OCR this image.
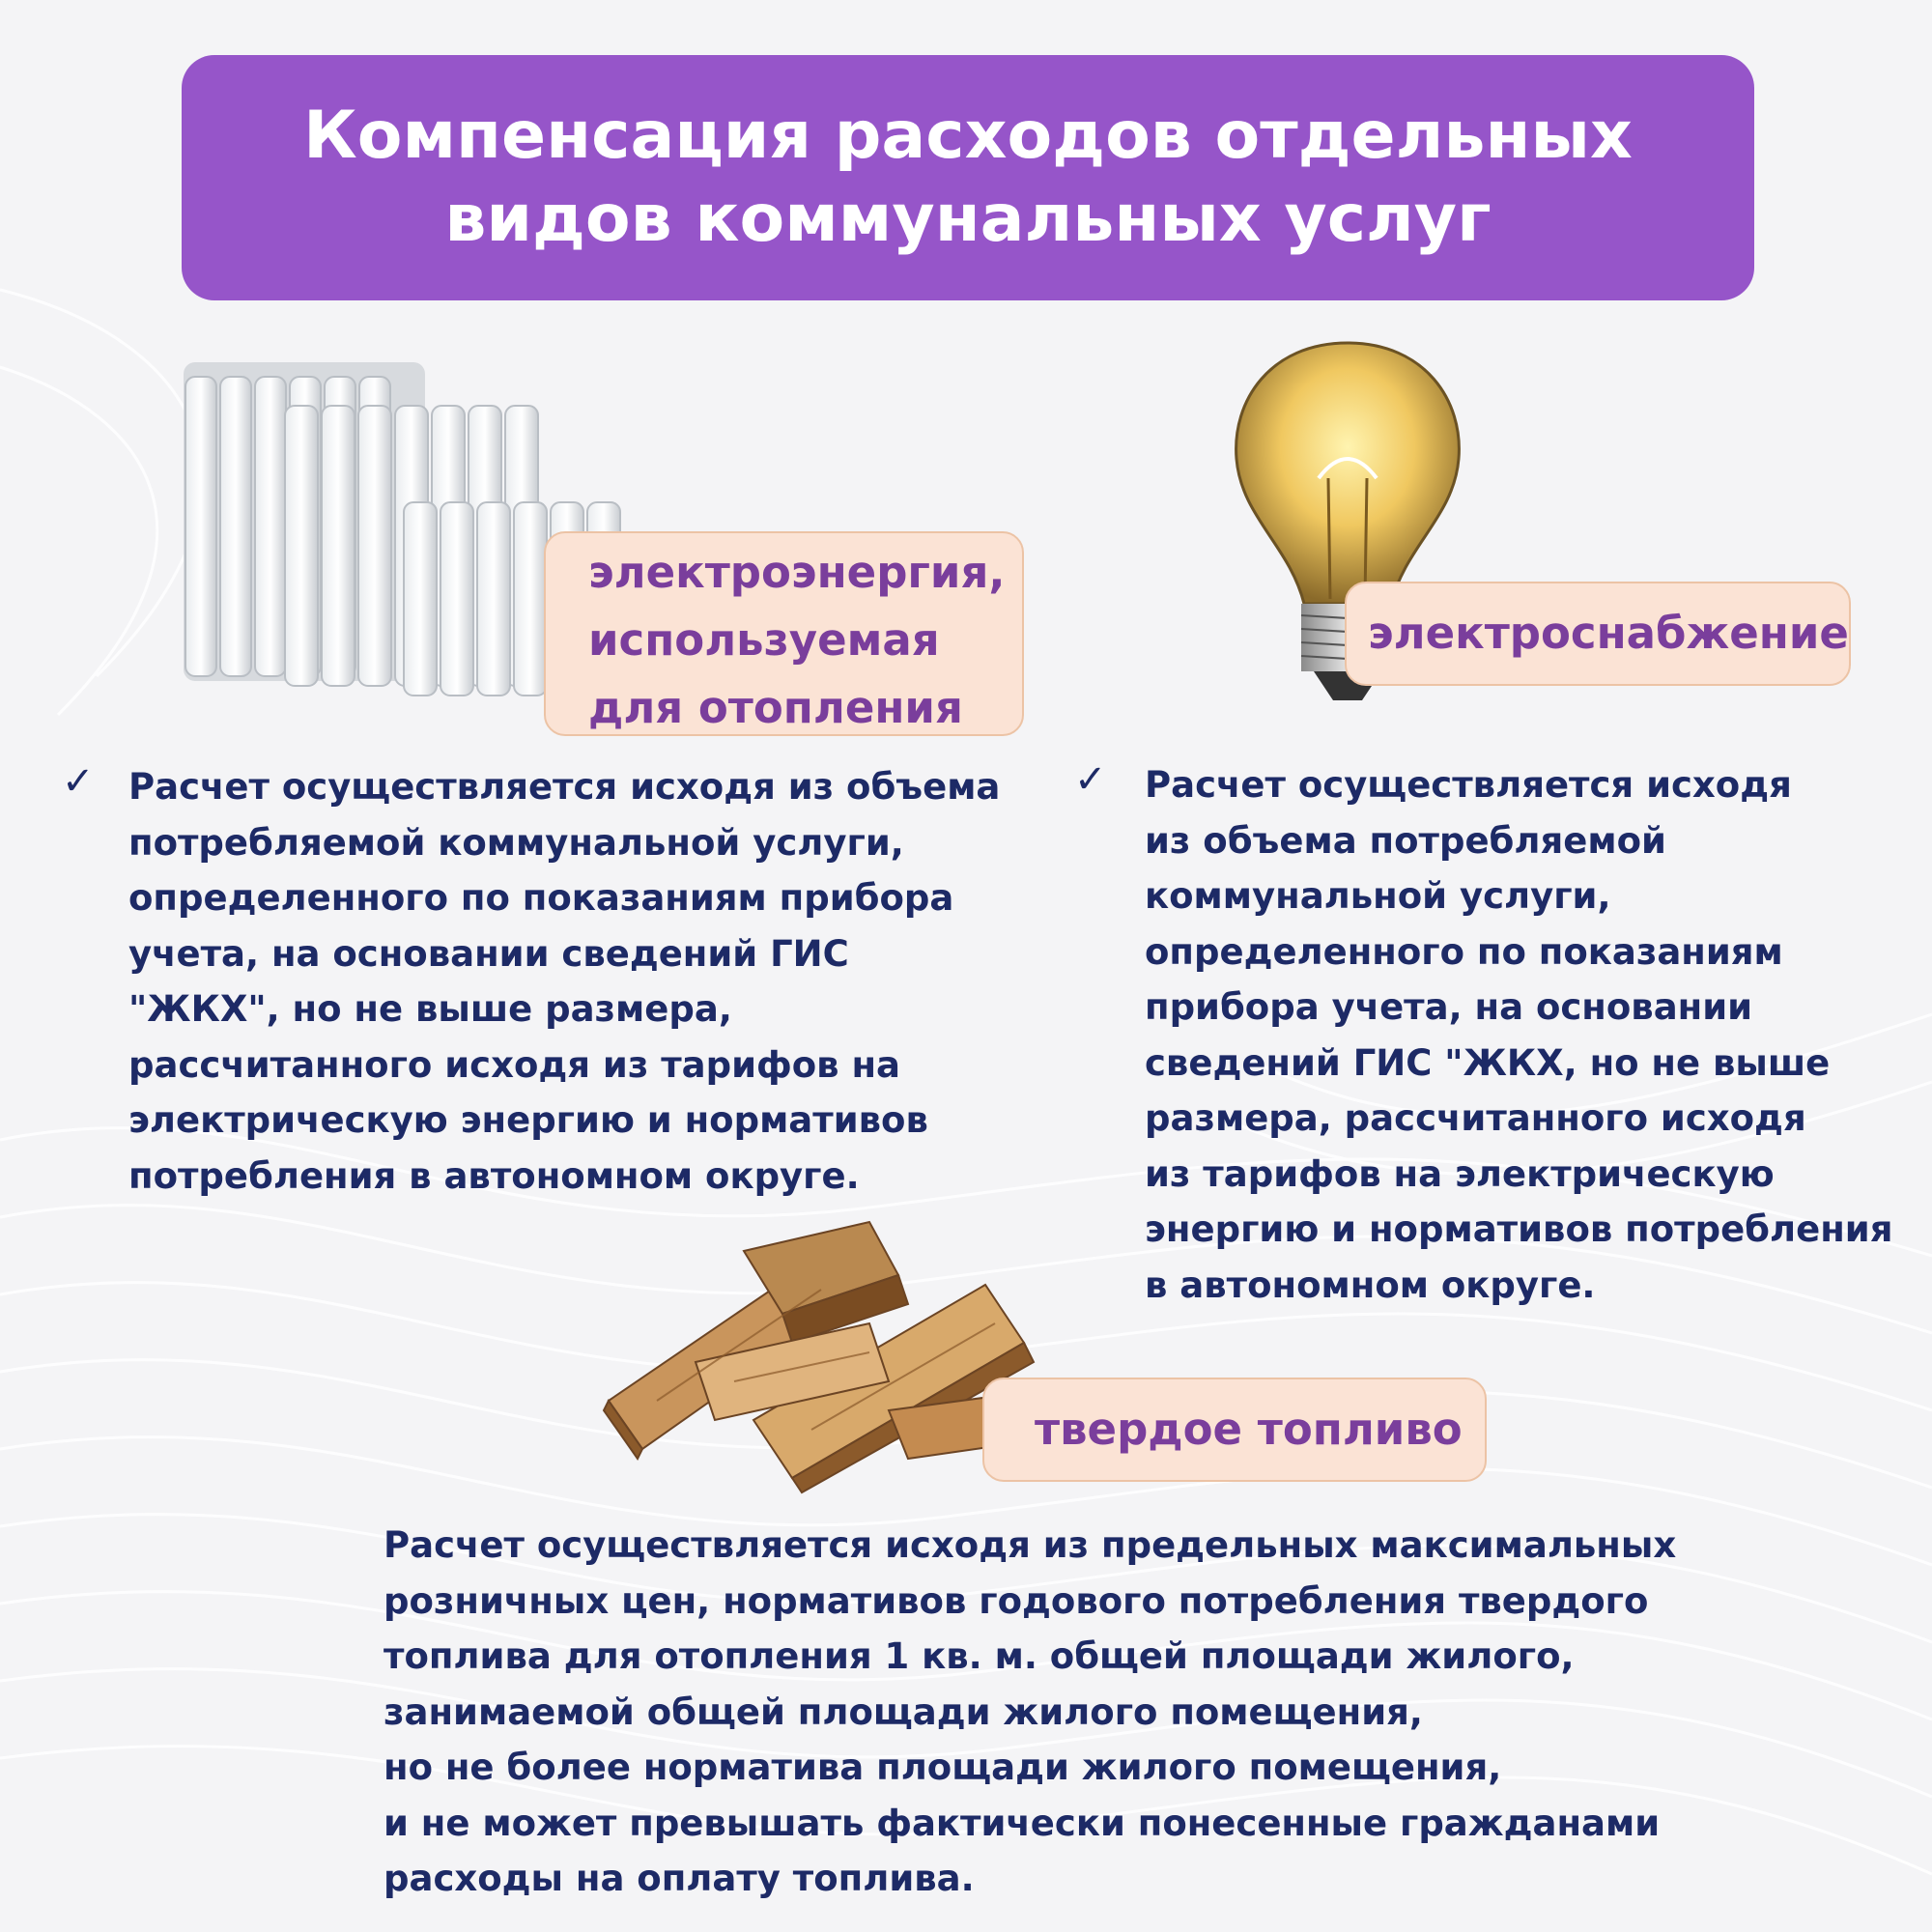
Компенсация расходов отдельных
видов коммунальных услуг
электроэнергия,
используемая
для отопления
электроснабжение
твердое топливо
✓	✓
Расчет осуществляется исходя из объема
потребляемой коммунальной услуги,
определенного по показаниям прибора
учета, на основании сведений ГИС
"ЖКХ", но не выше размера,
рассчитанного исходя из тарифов на
электрическую энергию и нормативов
потребления в автономном округе.
Расчет осуществляется исходя
из объема потребляемой
коммунальной услуги,
определенного по показаниям
прибора учета, на основании
сведений ГИС "ЖКХ, но не выше
размера, рассчитанного исходя
из тарифов на электрическую
энергию и нормативов потребления
в автономном округе.
Расчет осуществляется исходя из предельных максимальных
розничных цен, нормативов годового потребления твердого
топлива для отопления 1 кв. м. общей площади жилого,
занимаемой общей площади жилого помещения,
но не более норматива площади жилого помещения,
и не может превышать фактически понесенные гражданами
расходы на оплату топлива.
